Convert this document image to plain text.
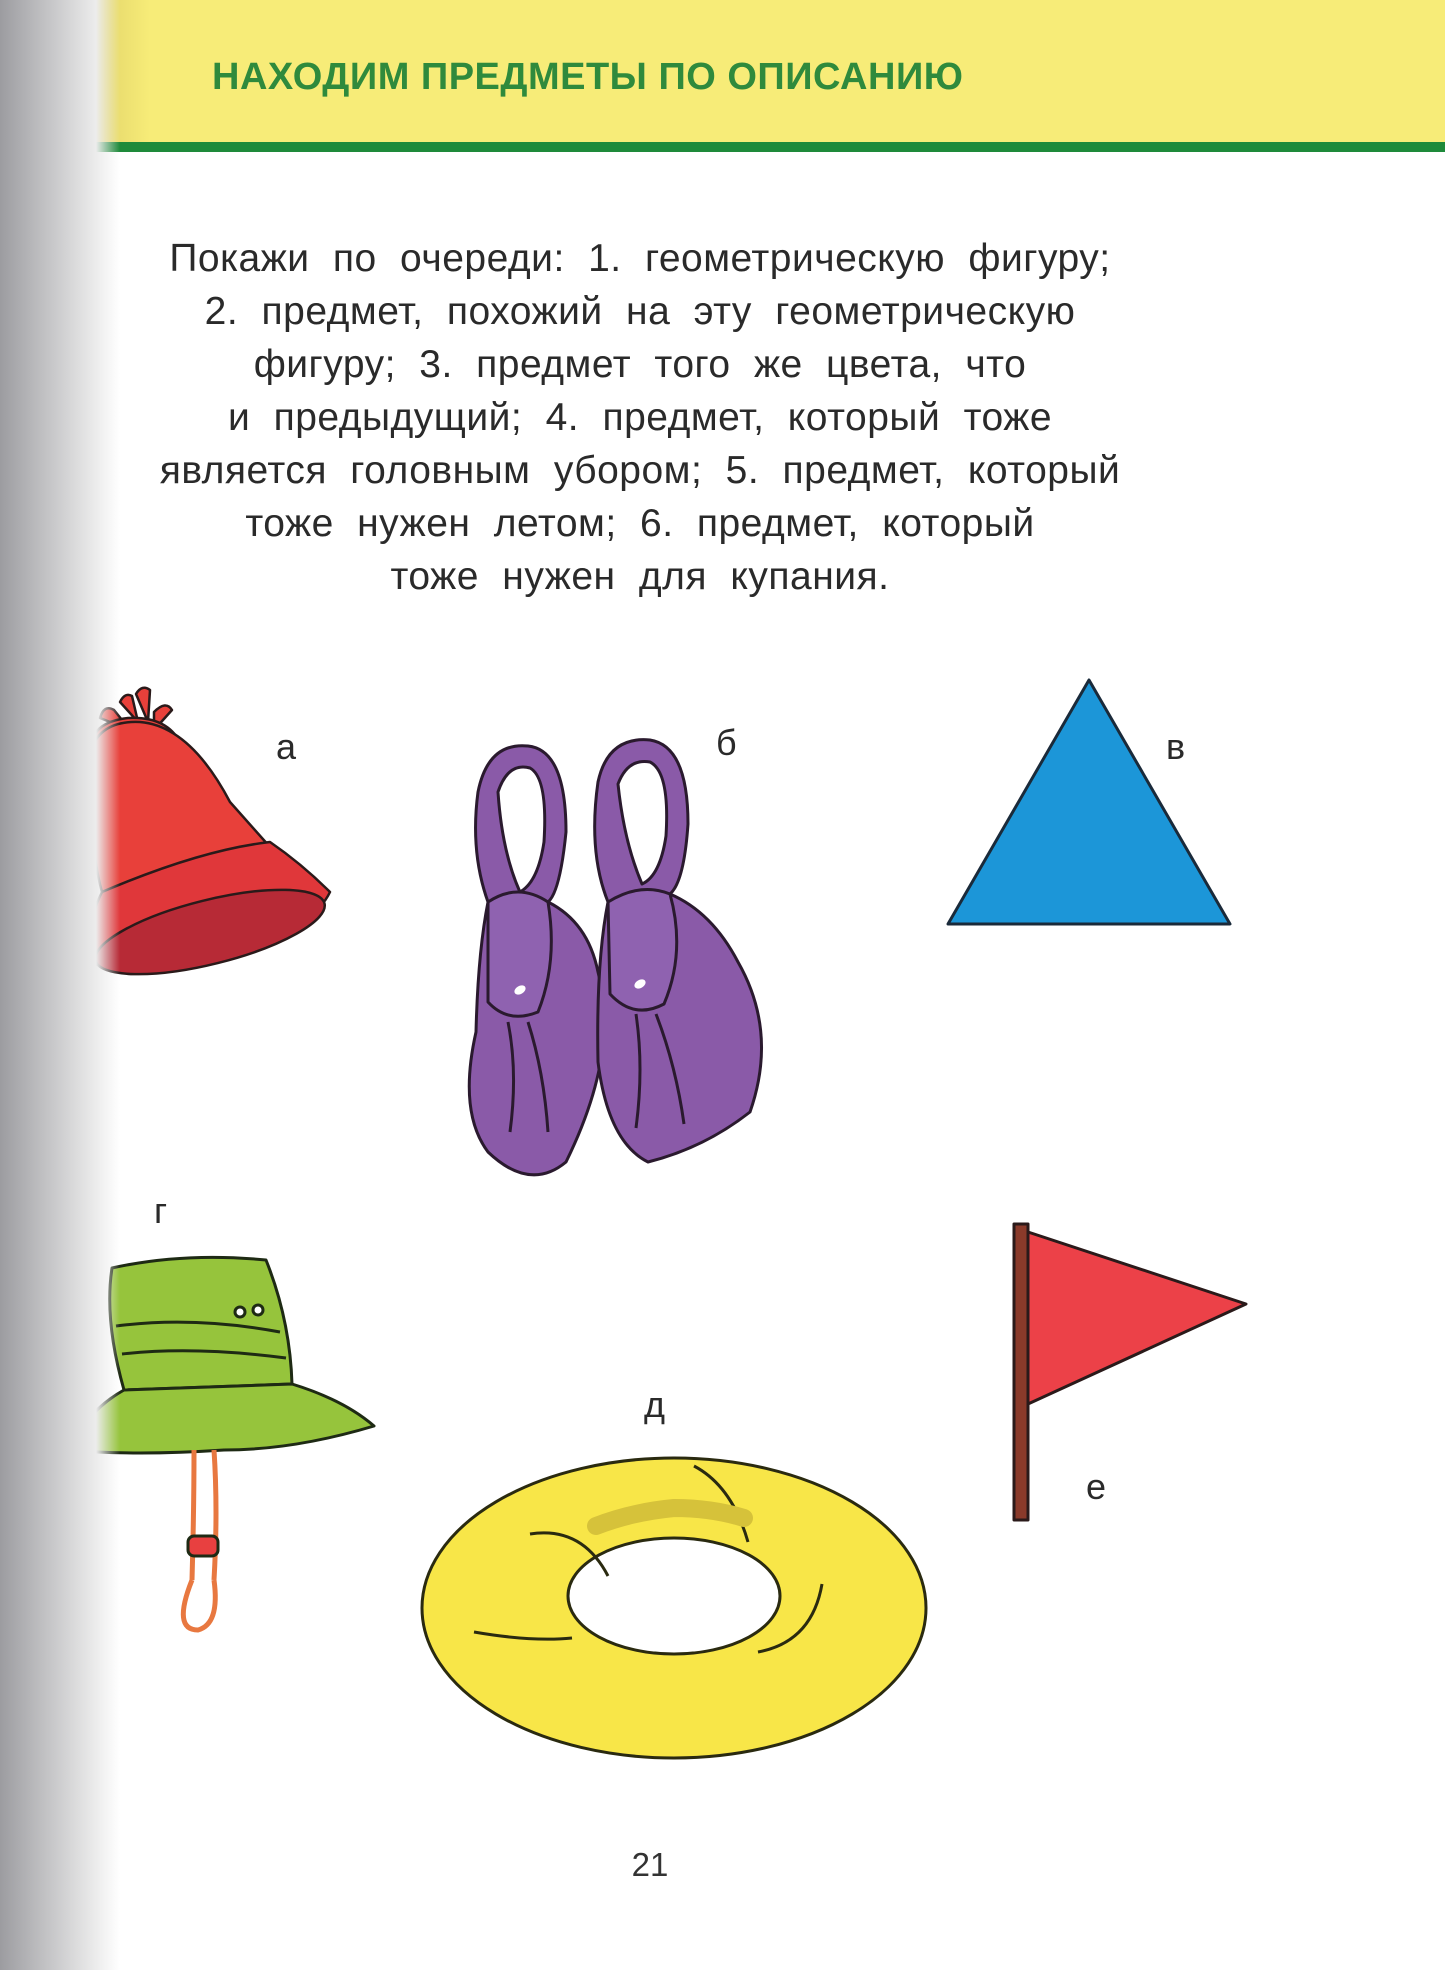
НАХОДИМ ПРЕДМЕТЫ ПО ОПИСАНИЮ

Покажи по очереди: 1. геометрическую фигуру;
2. предмет, похожий на эту геометрическую
фигуру; 3. предмет того же цвета, что
и предыдущий; 4. предмет, который тоже
является головным убором; 5. предмет, который
тоже нужен летом; 6. предмет, который
тоже нужен для купания.

а	б	в
г
д
е
21
